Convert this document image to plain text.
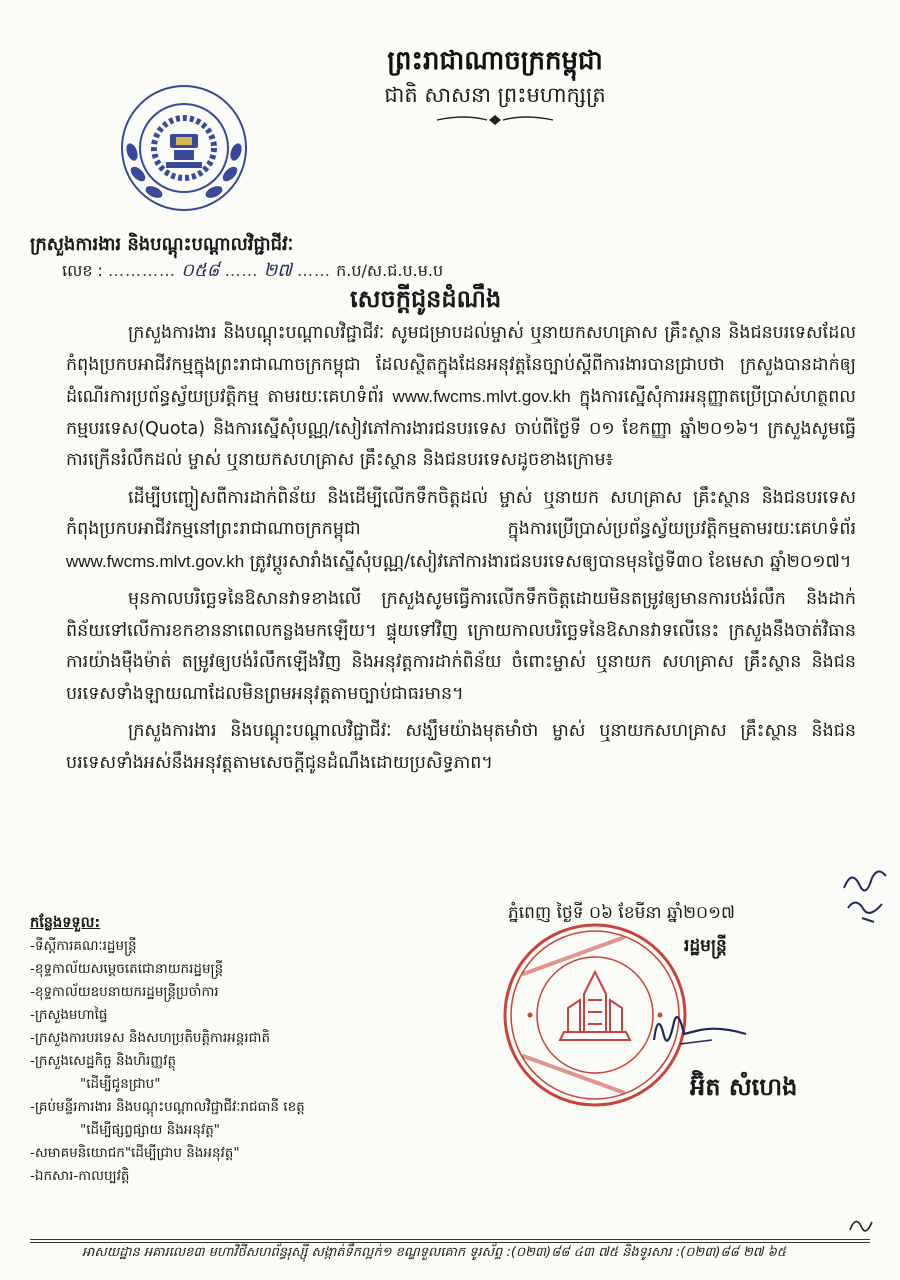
ព្រះរាជាណាចក្រកម្ពុជា
ជាតិ សាសនា ព្រះមហាក្សត្រ
ក្រសួងការងារ និងបណ្តុះបណ្តាលវិជ្ជាជីវៈ
លេខ : ………… ០៥៨ …… ២៧ …… ក.ប/ស.ជ.ប.ម.ប
សេចក្តីជូនដំណឹង

ក្រសួងការងារ និងបណ្តុះបណ្តាលវិជ្ជាជីវៈ សូមជម្រាបដល់ម្ចាស់ ឬនាយកសហគ្រាស គ្រឹះស្ថាន និងជនបរទេសដែលកំពុងប្រកបអាជីវកម្មក្នុងព្រះរាជាណាចក្រកម្ពុជា ដែលស្ថិតក្នុងដែនអនុវត្តនៃច្បាប់ស្តីពីការងារបានជ្រាបថា ក្រសួងបានដាក់ឲ្យដំណើរការប្រព័ន្ធស្វ័យប្រវត្តិកម្ម តាមរយៈគេហទំព័រ www.fwcms.mlvt.gov.kh ក្នុងការស្នើសុំការអនុញ្ញាតប្រើប្រាស់ហត្ថពលកម្មបរទេស(Quota) និងការស្នើសុំបណ្ណ/សៀវភៅការងារជនបរទេស ចាប់ពីថ្ងៃទី ០១ ខែកញ្ញា ឆ្នាំ២០១៦។ ក្រសួងសូមធ្វើការក្រើនរំលឹកដល់ ម្ចាស់ ឬនាយកសហគ្រាស គ្រឹះស្ថាន និងជនបរទេសដូចខាងក្រោម៖

ដើម្បីបញ្ចៀសពីការដាក់ពិន័យ និងដើម្បីលើកទឹកចិត្តដល់ ម្ចាស់ ឬនាយក សហគ្រាស គ្រឹះស្ថាន និងជនបរទេសកំពុងប្រកបអាជីវកម្មនៅព្រះរាជាណាចក្រកម្ពុជា ក្នុងការប្រើប្រាស់ប្រព័ន្ធស្វ័យប្រវត្តិកម្មតាមរយៈគេហទំព័រ www.fwcms.mlvt.gov.kh ត្រូវប្តូរសារាំងស្នើសុំបណ្ណ/សៀវភៅការងារជនបរទេសឲ្យបានមុនថ្ងៃទី៣០ ខែមេសា ឆ្នាំ២០១៧។

មុនកាលបរិច្ឆេទនៃឱសានវាទខាងលើ ក្រសួងសូមធ្វើការលើកទឹកចិត្តដោយមិនតម្រូវឲ្យមានការបង់រំលឹក និងដាក់ពិន័យទៅលើការខកខាននាពេលកន្លងមកឡើយ។ ផ្ទុយទៅវិញ ក្រោយកាលបរិច្ឆេទនៃឱសានវាទលើនេះ ក្រសួងនឹងចាត់វិធានការយ៉ាងម៉ឺងម៉ាត់ តម្រូវឲ្យបង់រំលឹកឡើងវិញ និងអនុវត្តការដាក់ពិន័យ ចំពោះម្ចាស់ ឬនាយក សហគ្រាស គ្រឹះស្ថាន និងជនបរទេសទាំងឡាយណាដែលមិនព្រមអនុវត្តតាមច្បាប់ជាធរមាន។

ក្រសួងការងារ និងបណ្តុះបណ្តាលវិជ្ជាជីវៈ សង្ឃឹមយ៉ាងមុតមាំថា ម្ចាស់ ឬនាយកសហគ្រាស គ្រឹះស្ថាន និងជនបរទេសទាំងអស់នឹងអនុវត្តតាមសេចក្តីជូនដំណឹងដោយប្រសិទ្ធភាព។

ភ្នំពេញ ថ្ងៃទី ០៦ ខែមីនា ឆ្នាំ២០១៧
រដ្ឋមន្ត្រី
អ៊ិត សំហេង
កន្លែងទទួល:
-ទីស្តីការគណៈរដ្ឋមន្ត្រី
-ខុទ្ទកាល័យសម្តេចតេជោនាយករដ្ឋមន្ត្រី
-ខុទ្ទកាល័យឧបនាយករដ្ឋមន្ត្រីប្រចាំការ
-ក្រសួងមហាផ្ទៃ
-ក្រសួងការបរទេស និងសហប្រតិបត្តិការអន្តរជាតិ
-ក្រសួងសេដ្ឋកិច្ច និងហិរញ្ញវត្ថុ
"ដើម្បីជូនជ្រាប"
-គ្រប់មន្ទីរការងារ និងបណ្តុះបណ្តាលវិជ្ជាជីវៈរាជធានី ខេត្ត
"ដើម្បីផ្សព្វផ្សាយ និងអនុវត្ត"
-សមាគមនិយោជក"ដើម្បីជ្រាប និងអនុវត្ត"
-ឯកសារ-កាលប្បវត្តិ
អាសយដ្ឋាន អគារលេខ៣ មហាវិថីសហព័ន្ធរុស្ស៊ី សង្កាត់ទឹកល្អក់១ ខណ្ឌទួលគោក ទូរស័ព្ទ :(០២៣)៨៨ ៤៣ ៧៥ និងទូរសារ :(០២៣)៨៨ ២៧ ៦៥
